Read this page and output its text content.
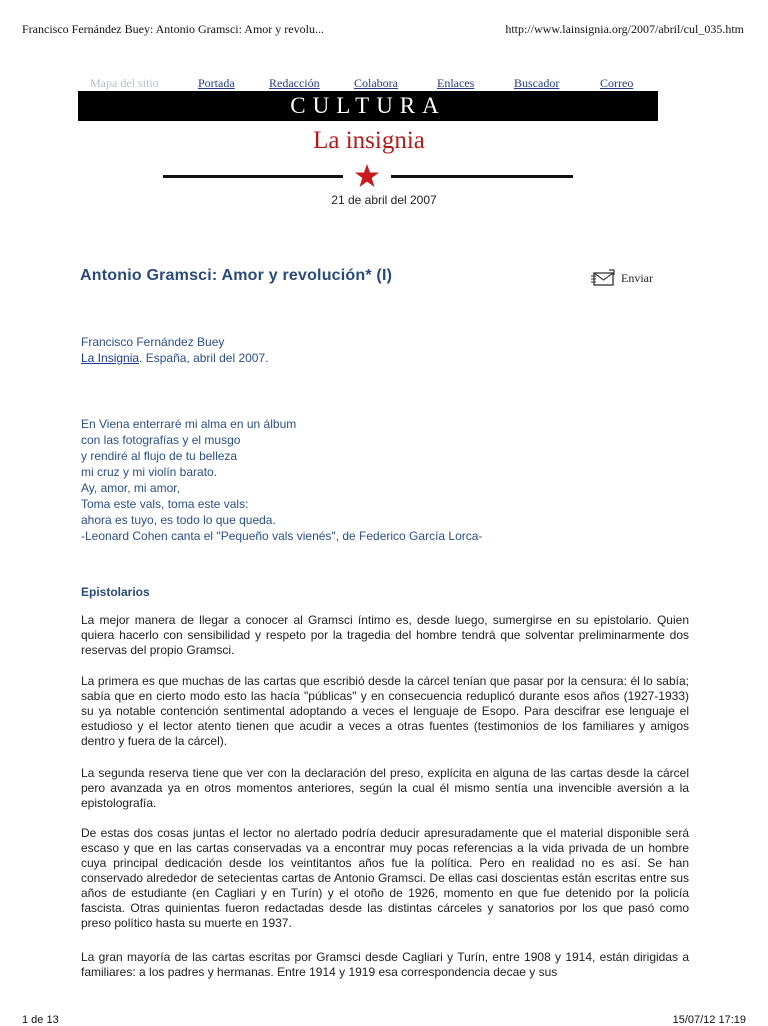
Francisco Fernández Buey: Antonio Gramsci: Amor y revolu...	http://www.lainsignia.org/2007/abril/cul_035.htm
Mapa del sitio	Portada	Redacción	Colabora	Enlaces	Buscador	Correo
CULTURA
La insignia
21 de abril del 2007
Antonio Gramsci: Amor y revolución* (I)	Enviar
Francisco Fernández Buey
La Insignia. España, abril del 2007.
En Viena enterraré mi alma en un álbum
con las fotografías y el musgo
y rendiré al flujo de tu belleza
mi cruz y mi violín barato.
Ay, amor, mi amor,
Toma este vals, toma este vals:
ahora es tuyo, es todo lo que queda.
-Leonard Cohen canta el "Pequeño vals vienés", de Federico García Lorca-
Epistolarios
La mejor manera de llegar a conocer al Gramsci íntimo es, desde luego, sumergirse en su epistolario. Quien quiera hacerlo con sensibilidad y respeto por la tragedia del hombre tendrá que solventar preliminarmente dos reservas del propio Gramsci.
La primera es que muchas de las cartas que escribió desde la cárcel tenían que pasar por la censura: él lo sabía; sabía que en cierto modo esto las hacía "públicas" y en consecuencia reduplicó durante esos años (1927-1933) su ya notable contención sentimental adoptando a veces el lenguaje de Esopo. Para descifrar ese lenguaje el estudioso y el lector atento tienen que acudir a veces a otras fuentes (testimonios de los familiares y amigos dentro y fuera de la cárcel).
La segunda reserva tiene que ver con la declaración del preso, explícita en alguna de las cartas desde la cárcel pero avanzada ya en otros momentos anteriores, según la cual él mismo sentía una invencible aversión a la epistolografía.
De estas dos cosas juntas el lector no alertado podría deducir apresuradamente que el material disponible será escaso y que en las cartas conservadas va a encontrar muy pocas referencias a la vida privada de un hombre cuya principal dedicación desde los veintitantos años fue la política. Pero en realidad no es así. Se han conservado alrededor de setecientas cartas de Antonio Gramsci. De ellas casi doscientas están escritas entre sus años de estudiante (en Cagliari y en Turín) y el otoño de 1926, momento en que fue detenido por la policía fascista. Otras quinientas fueron redactadas desde las distintas cárceles y sanatorios por los que pasó como preso político hasta su muerte en 1937.
La gran mayoría de las cartas escritas por Gramsci desde Cagliari y Turín, entre 1908 y 1914, están dirigidas a familiares: a los padres y hermanas. Entre 1914 y 1919 esa correspondencia decae y sus
1 de 13	15/07/12 17:19
